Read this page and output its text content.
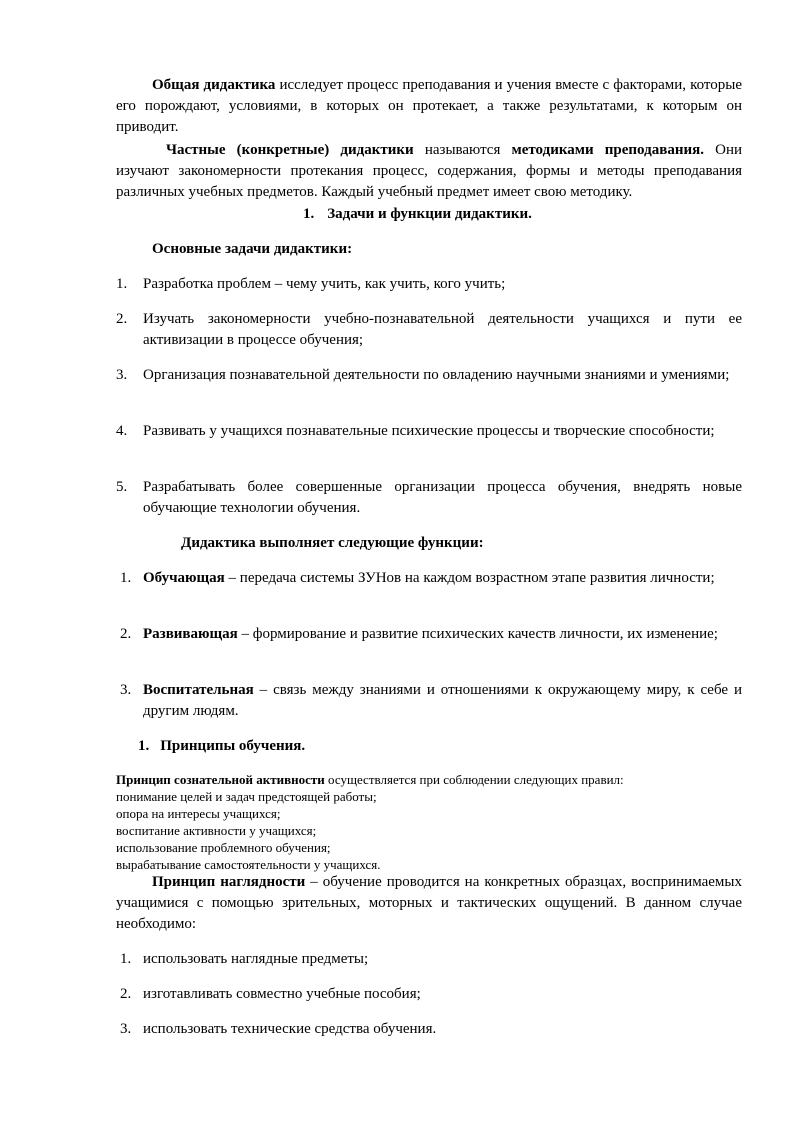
Общая дидактика исследует процесс преподавания и учения вместе с факторами, которые его порождают, условиями, в которых он протекает, а также результатами, к которым он приводит.

Частные (конкретные) дидактики называются методиками преподавания. Они изучают закономерности протекания процесс, содержания, формы и методы преподавания различных учебных предметов. Каждый учебный предмет имеет свою методику.

1. Задачи и функции дидактики.
Основные задачи дидактики:
1. Разработка проблем – чему учить, как учить, кого учить;
2. Изучать закономерности учебно-познавательной деятельности учащихся и пути ее активизации в процессе обучения;
3. Организация познавательной деятельности по овладению научными знаниями и умениями;
4. Развивать у учащихся познавательные психические процессы и творческие способности;
5. Разрабатывать более совершенные организации процесса обучения, внедрять новые обучающие технологии обучения.
Дидактика выполняет следующие функции:
1. Обучающая – передача системы ЗУНов на каждом возрастном этапе развития личности;
2. Развивающая – формирование и развитие психических качеств личности, их изменение;
3. Воспитательная – связь между знаниями и отношениями к окружающему миру, к себе и другим людям.
1. Принципы обучения.
Принцип сознательной активности осуществляется при соблюдении следующих правил:
понимание целей и задач предстоящей работы;
опора на интересы учащихся;
воспитание активности у учащихся;
использование проблемного обучения;
вырабатывание самостоятельности у учащихся.

Принцип наглядности – обучение проводится на конкретных образцах, воспринимаемых учащимися с помощью зрительных, моторных и тактических ощущений. В данном случае необходимо:

1. использовать наглядные предметы;
2. изготавливать совместно учебные пособия;
3. использовать технические средства обучения.
